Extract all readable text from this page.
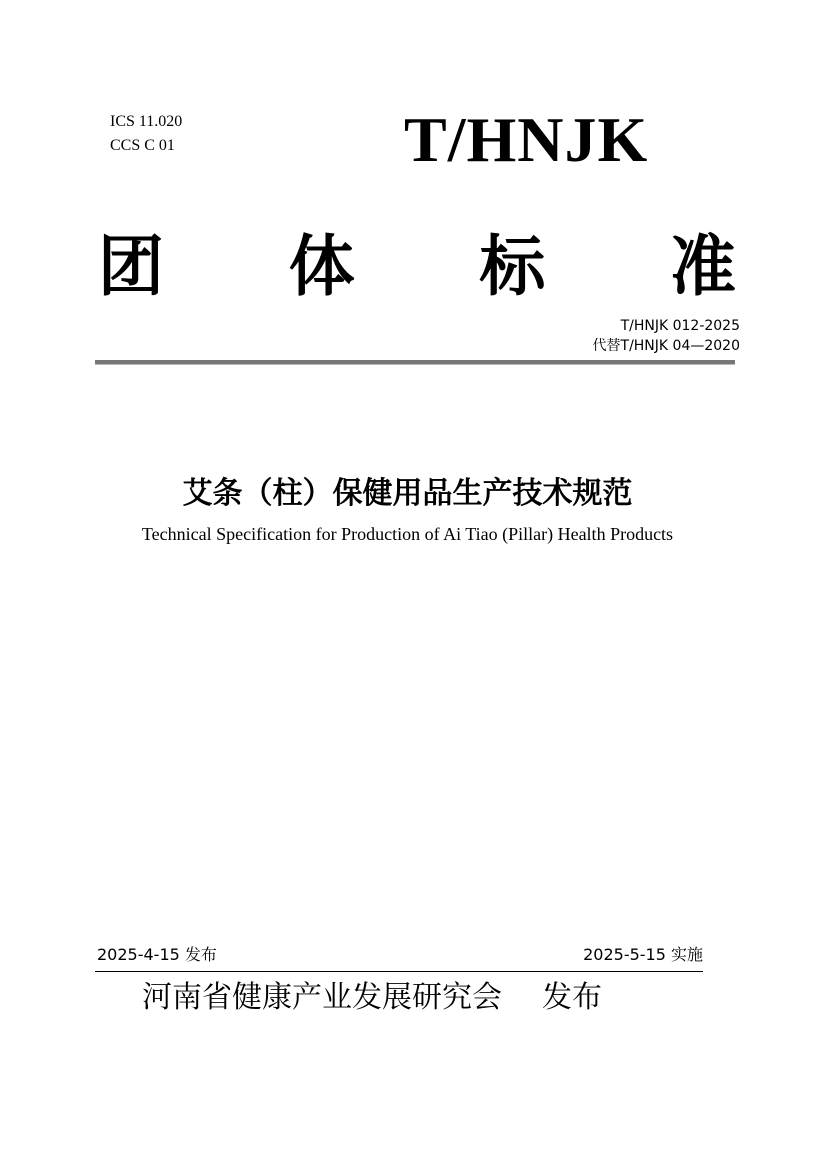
ICS 11.020
CCS C 01	T/HNJK
团 体 标 准
T/HNJK 012-2025
代替T/HNJK 04—2020
艾条（柱）保健用品生产技术规范
Technical Specification for Production of Ai Tiao (Pillar) Health Products
2025-4-15 发布	2025-5-15 实施
河南省健康产业发展研究会 发布
